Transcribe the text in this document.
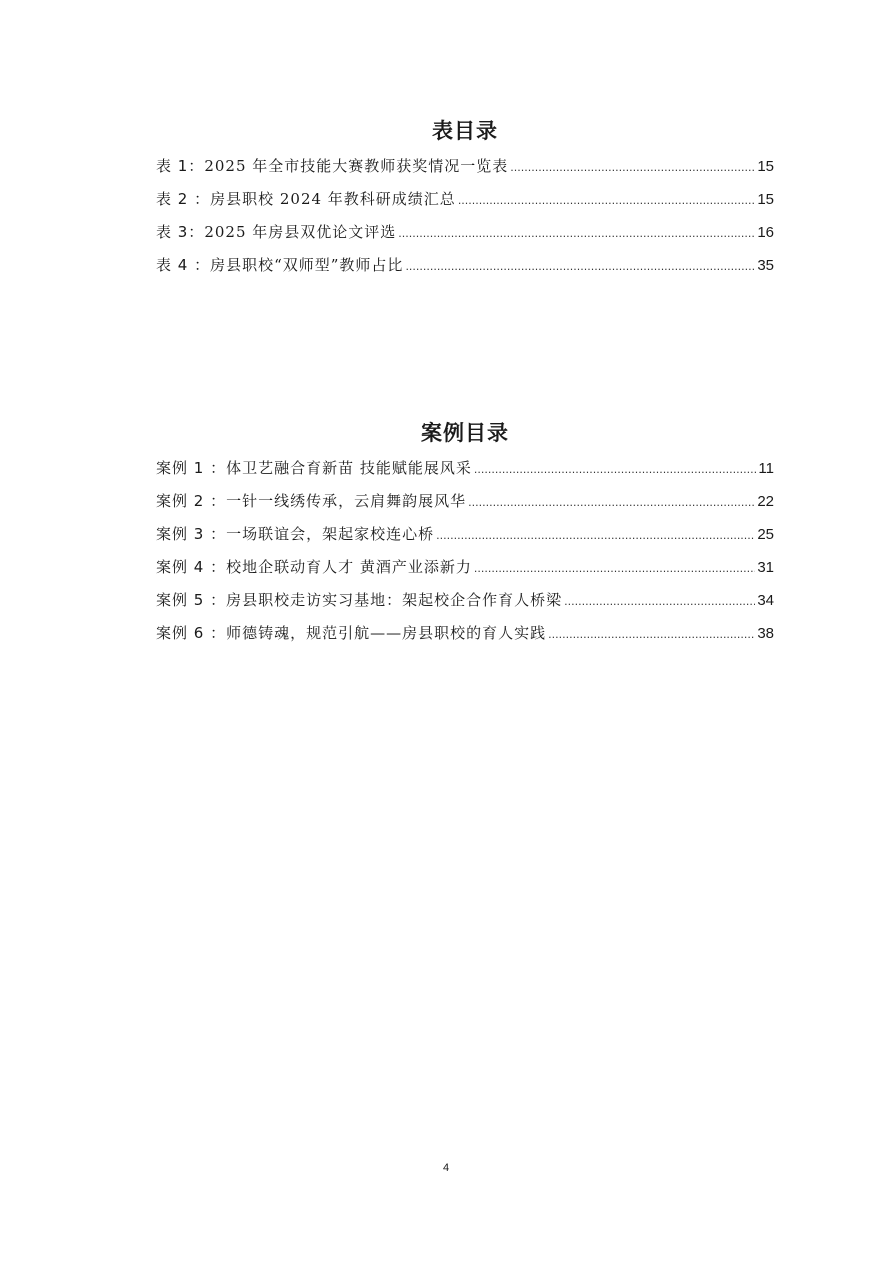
表目录
表 1：2025 年全市技能大赛教师获奖情况一览表 .....	15
表 2 ：房县职校 2024 年教科研成绩汇总 .....	15
表 3：2025 年房县双优论文评选 .....	16
表 4 ：房县职校“双师型”教师占比 .....	35
案例目录
案例 1 ：体卫艺融合育新苗 技能赋能展风采 .....	11
案例 2 ：一针一线绣传承，云肩舞韵展风华 .....	22
案例 3 ：一场联谊会，架起家校连心桥 .....	25
案例 4 ：校地企联动育人才 黄酒产业添新力 .....	31
案例 5 ：房县职校走访实习基地：架起校企合作育人桥梁 .....	34
案例 6 ：师德铸魂，规范引航——房县职校的育人实践 .....	38
4
